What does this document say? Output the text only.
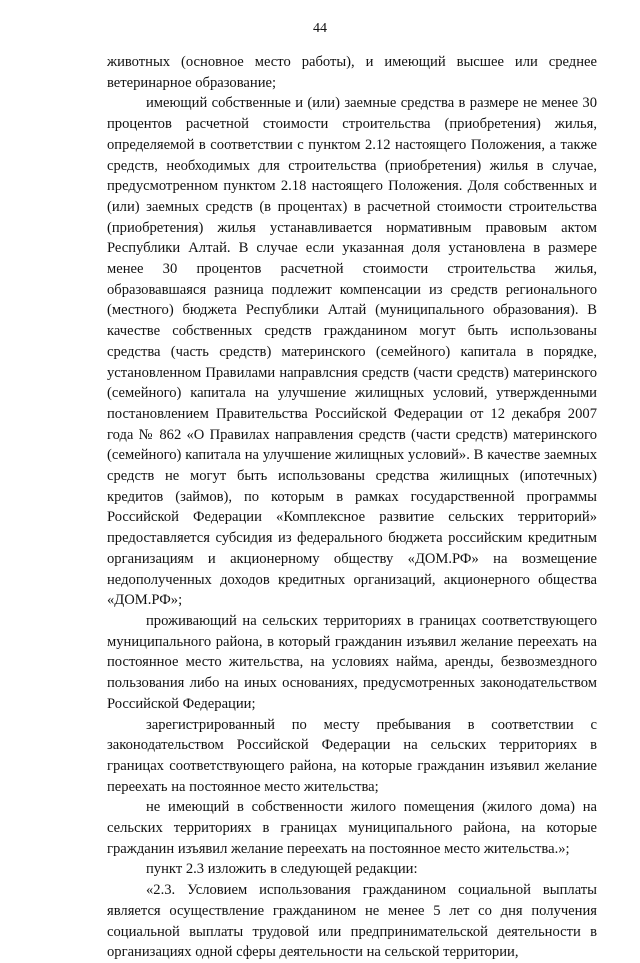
44

животных (основное место работы), и имеющий высшее или среднее ветеринарное образование;

имеющий собственные и (или) заемные средства в размере не менее 30 процентов расчетной стоимости строительства (приобретения) жилья, определяемой в соответствии с пунктом 2.12 настоящего Положения, а также средств, необходимых для строительства (приобретения) жилья в случае, предусмотренном пунктом 2.18 настоящего Положения. Доля собственных и (или) заемных средств (в процентах) в расчетной стоимости строительства (приобретения) жилья устанавливается нормативным правовым актом Республики Алтай. В случае если указанная доля установлена в размере менее 30 процентов расчетной стоимости строительства жилья, образовавшаяся разница подлежит компенсации из средств регионального (местного) бюджета Республики Алтай (муниципального образования). В качестве собственных средств гражданином могут быть использованы средства (часть средств) материнского (семейного) капитала в порядке, установленном Правилами направлсния средств (части средств) материнского (семейного) капитала на улучшение жилищных условий, утвержденными постановлением Правительства Российской Федерации от 12 декабря 2007 года № 862 «О Правилах направления средств (части средств) материнского (семейного) капитала на улучшение жилищных условий». В качестве заемных средств не могут быть использованы средства жилищных (ипотечных) кредитов (займов), по которым в рамках государственной программы Российской Федерации «Комплексное развитие сельских территорий» предоставляется субсидия из федерального бюджета российским кредитным организациям и акционерному обществу «ДОМ.РФ» на возмещение недополученных доходов кредитных организаций, акционерного общества «ДОМ.РФ»;

проживающий на сельских территориях в границах соответствующего муниципального района, в который гражданин изъявил желание переехать на постоянное место жительства, на условиях найма, аренды, безвозмездного пользования либо на иных основаниях, предусмотренных законодательством Российской Федерации;

зарегистрированный по месту пребывания в соответствии с законодательством Российской Федерации на сельских территориях в границах соответствующего района, на которые гражданин изъявил желание переехать на постоянное место жительства;

не имеющий в собственности жилого помещения (жилого дома) на сельских территориях в границах муниципального района, на которые гражданин изъявил желание переехать на постоянное место жительства.»;

пункт 2.3 изложить в следующей редакции:

«2.3. Условием использования гражданином социальной выплаты является осуществление гражданином не менее 5 лет со дня получения социальной выплаты трудовой или предпринимательской деятельности в организациях одной сферы деятельности на сельской территории,
